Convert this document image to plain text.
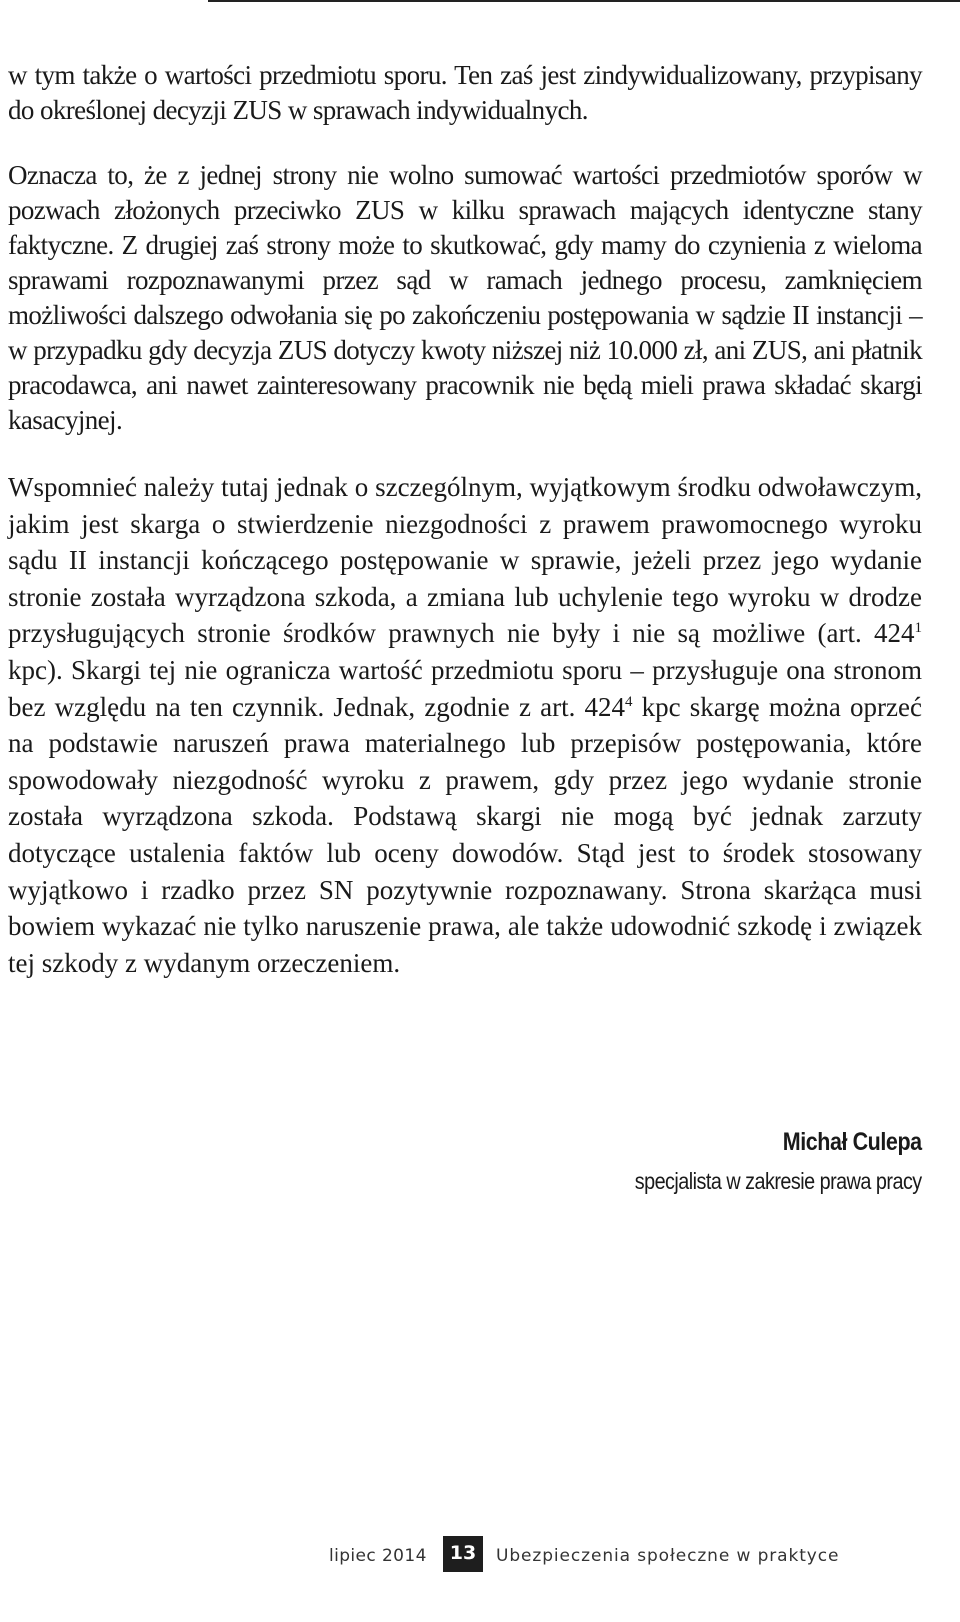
w tym także o wartości przedmiotu sporu. Ten zaś jest zindywidualizowany, przypisany do określonej decyzji ZUS w sprawach indywidualnych.

Oznacza to, że z jednej strony nie wolno sumować wartości przedmiotów sporów w pozwach złożonych przeciwko ZUS w kilku sprawach mających identyczne stany faktyczne. Z drugiej zaś strony może to skutkować, gdy mamy do czynienia z wieloma sprawami rozpoznawanymi przez sąd w ramach jednego procesu, zamknięciem możliwości dalszego odwołania się po zakończeniu postępowania w sądzie II instancji – w przypadku gdy decyzja ZUS dotyczy kwoty niższej niż 10.000 zł, ani ZUS, ani płatnik pracodawca, ani nawet zainteresowany pracownik nie będą mieli prawa składać skargi kasacyjnej.

Wspomnieć należy tutaj jednak o szczególnym, wyjątkowym środku odwoławczym, jakim jest skarga o stwierdzenie niezgodności z prawem prawomocnego wyroku sądu II instancji kończącego postępowanie w sprawie, jeżeli przez jego wydanie stronie została wyrządzona szkoda, a zmiana lub uchylenie tego wyroku w drodze przysługujących stronie środków prawnych nie były i nie są możliwe (art. $424^1$ kpc). Skargi tej nie ogranicza wartość przedmiotu sporu – przysługuje ona stronom bez względu na ten czynnik. Jednak, zgodnie z art. $424^4$ kpc skargę można oprzeć na podstawie naruszeń prawa materialnego lub przepisów postępowania, które spowodowały niezgodność wyroku z prawem, gdy przez jego wydanie stronie została wyrządzona szkoda. Podstawą skargi nie mogą być jednak zarzuty dotyczące ustalenia faktów lub oceny dowodów. Stąd jest to środek stosowany wyjątkowo i rzadko przez SN pozytywnie rozpoznawany. Strona skarżąca musi bowiem wykazać nie tylko naruszenie prawa, ale także udowodnić szkodę i związek tej szkody z wydanym orzeczeniem.

Michał Culepa
specjalista w zakresie prawa pracy
lipiec 2014	13	Ubezpieczenia społeczne w praktyce
